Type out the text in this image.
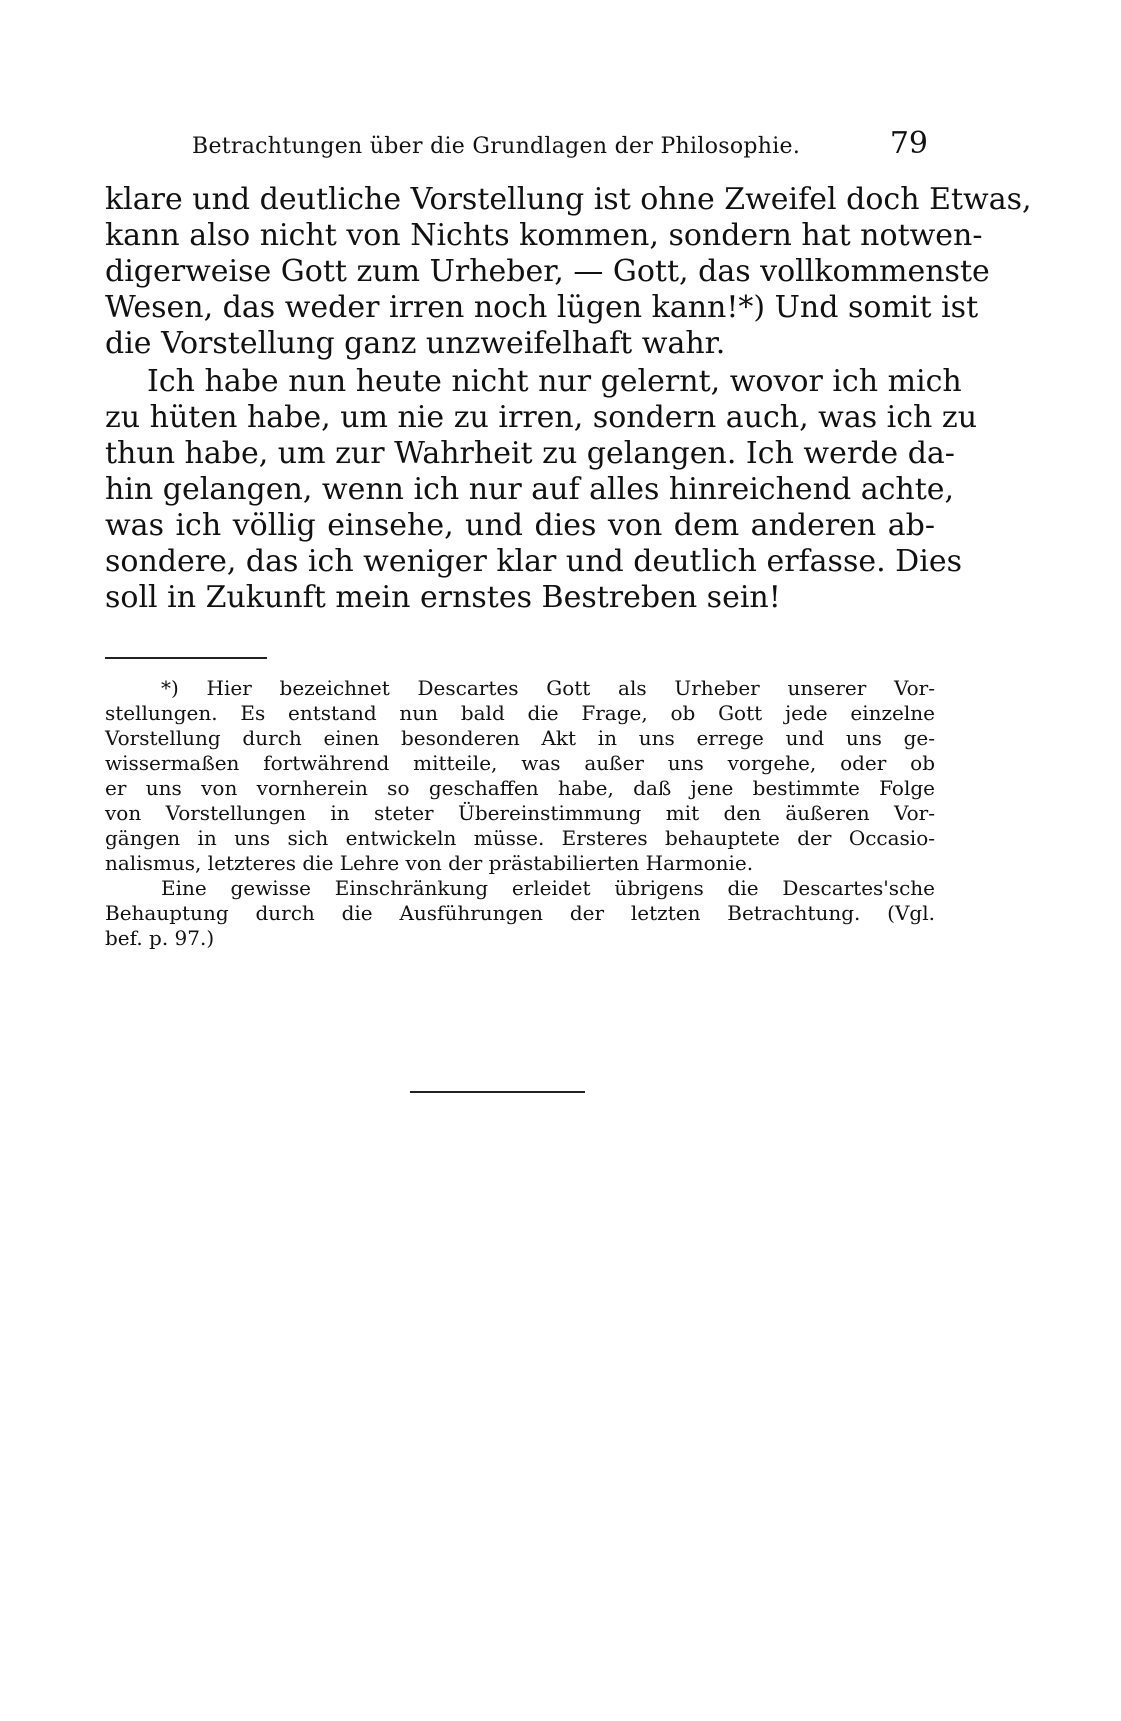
Betrachtungen über die Grundlagen der Philosophie.	79
klare und deutliche Vorstellung ist ohne Zweifel doch Etwas,
kann also nicht von Nichts kommen, sondern hat notwen-
digerweise Gott zum Urheber, — Gott, das vollkommenste
Wesen, das weder irren noch lügen kann!*) Und somit ist
die Vorstellung ganz unzweifelhaft wahr.
Ich habe nun heute nicht nur gelernt, wovor ich mich
zu hüten habe, um nie zu irren, sondern auch, was ich zu
thun habe, um zur Wahrheit zu gelangen. Ich werde da-
hin gelangen, wenn ich nur auf alles hinreichend achte,
was ich völlig einsehe, und dies von dem anderen ab-
sondere, das ich weniger klar und deutlich erfasse. Dies
soll in Zukunft mein ernstes Bestreben sein!
*) Hier bezeichnet Descartes Gott als Urheber unserer Vor-
stellungen. Es entstand nun bald die Frage, ob Gott jede einzelne
Vorstellung durch einen besonderen Akt in uns errege und uns ge-
wissermaßen fortwährend mitteile, was außer uns vorgehe, oder ob
er uns von vornherein so geschaffen habe, daß jene bestimmte Folge
von Vorstellungen in steter Übereinstimmung mit den äußeren Vor-
gängen in uns sich entwickeln müsse. Ersteres behauptete der Occasio-
nalismus, letzteres die Lehre von der prästabilierten Harmonie.
Eine gewisse Einschränkung erleidet übrigens die Descartes'sche
Behauptung durch die Ausführungen der letzten Betrachtung. (Vgl.
bef. p. 97.)
